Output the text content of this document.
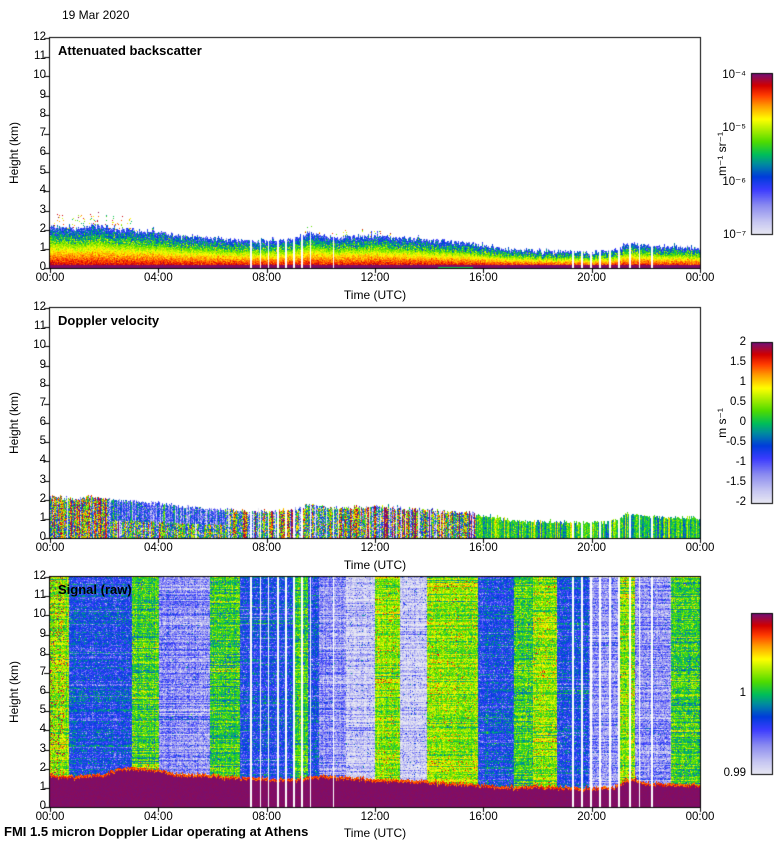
19 Mar 2020
Attenuated backscatter
Doppler velocity
Signal (raw)
Height (km)
Height (km)
Height (km)
Time (UTC)
Time (UTC)
Time (UTC)
m⁻¹ sr⁻¹
m s⁻¹
FMI 1.5 micron Doppler Lidar operating at Athens
0
1
2
3
4
5
6
7
8
9
10
11
12
00:00	04:00	08:00	12:00	16:00	20:00	00:00
10⁻⁴
10⁻⁵
10⁻⁶
10⁻⁷
0
1
2
3
4
5
6
7
8
9
10
11
12
00:00	04:00	08:00	12:00	16:00	20:00	00:00
2
1.5
1
0.5
0
-0.5
-1
-1.5
-2
0
1
2
3
4
5
6
7
8
9
10
11
12
00:00	04:00	08:00	12:00	16:00	20:00	00:00
1
0.99
